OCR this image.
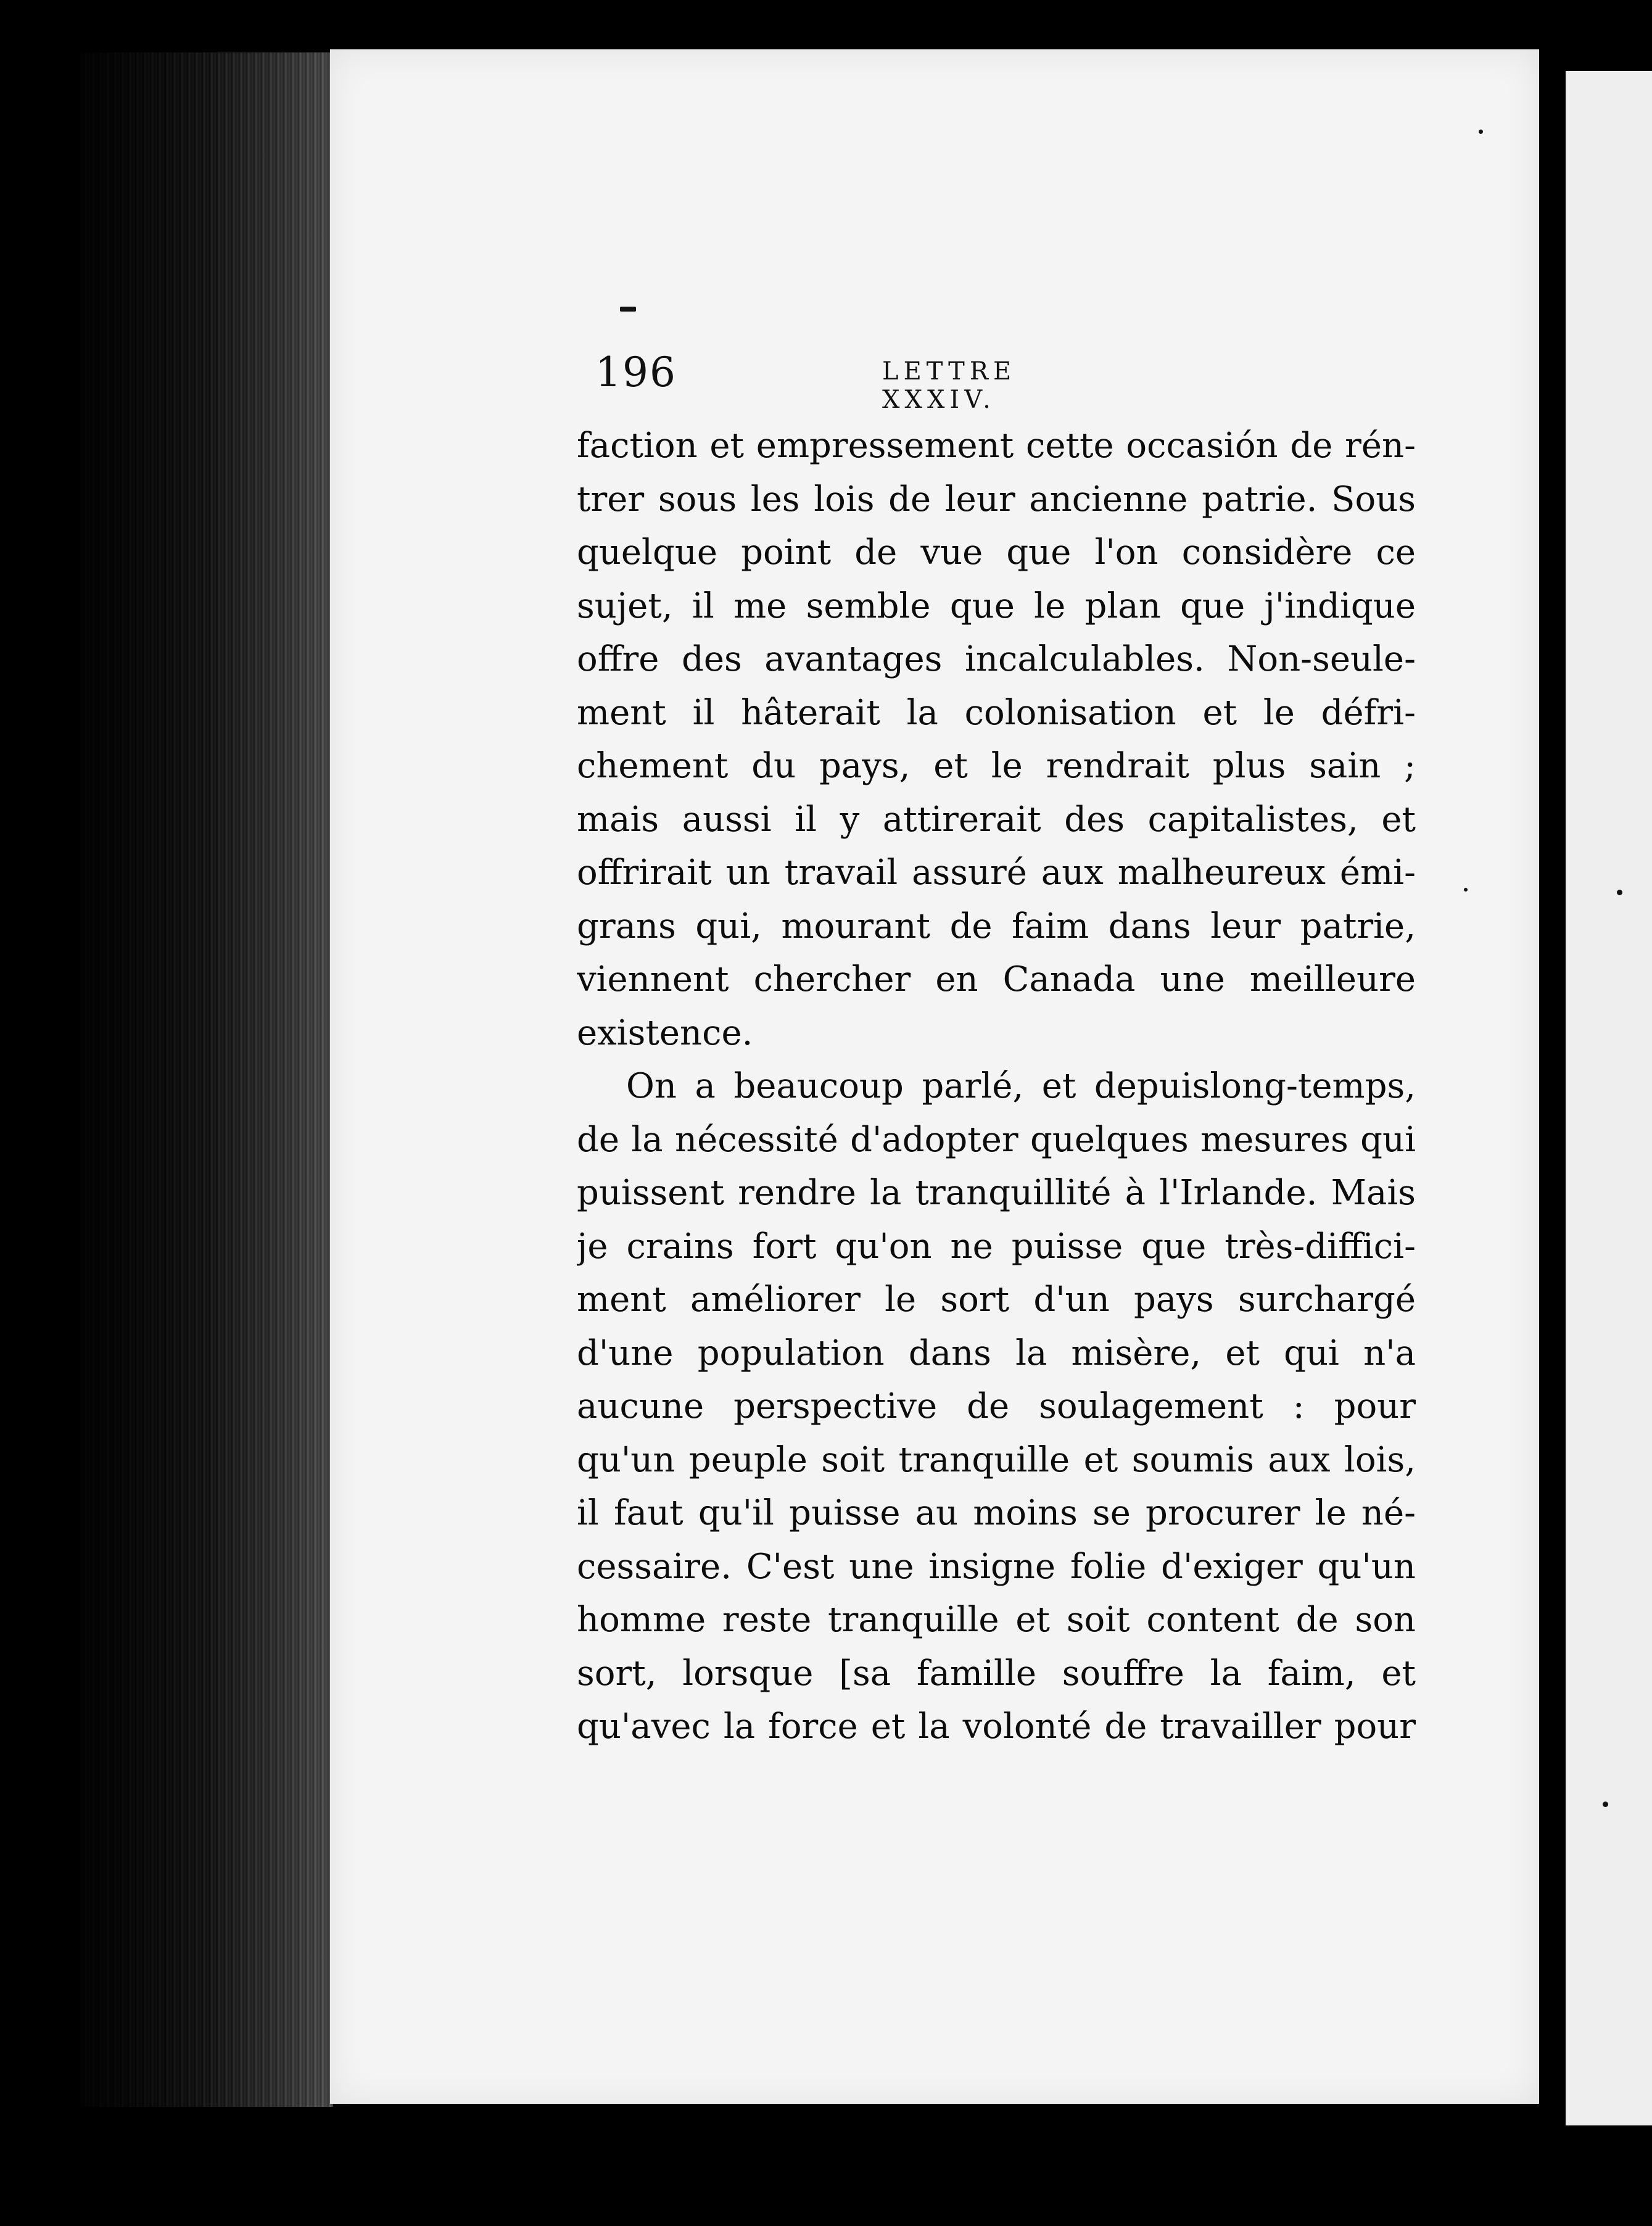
196	LETTRE XXXIV.
faction et empressement cette occasión de rén-
trer sous les lois de leur ancienne patrie. Sous
quelque point de vue que l'on considère ce
sujet, il me semble que le plan que j'indique
offre des avantages incalculables. Non-seule-
ment il hâterait la colonisation et le défri-
chement du pays, et le rendrait plus sain ;
mais aussi il y attirerait des capitalistes, et
offrirait un travail assuré aux malheureux émi-
grans qui, mourant de faim dans leur patrie,
viennent chercher en Canada une meilleure
existence.
On a beaucoup parlé, et depuislong-temps,
de la nécessité d'adopter quelques mesures qui
puissent rendre la tranquillité à l'Irlande. Mais
je crains fort qu'on ne puisse que très-diffici-
ment améliorer le sort d'un pays surchargé
d'une population dans la misère, et qui n'a
aucune perspective de soulagement : pour
qu'un peuple soit tranquille et soumis aux lois,
il faut qu'il puisse au moins se procurer le né-
cessaire. C'est une insigne folie d'exiger qu'un
homme reste tranquille et soit content de son
sort, lorsque [sa famille souffre la faim, et
qu'avec la force et la volonté de travailler pour
